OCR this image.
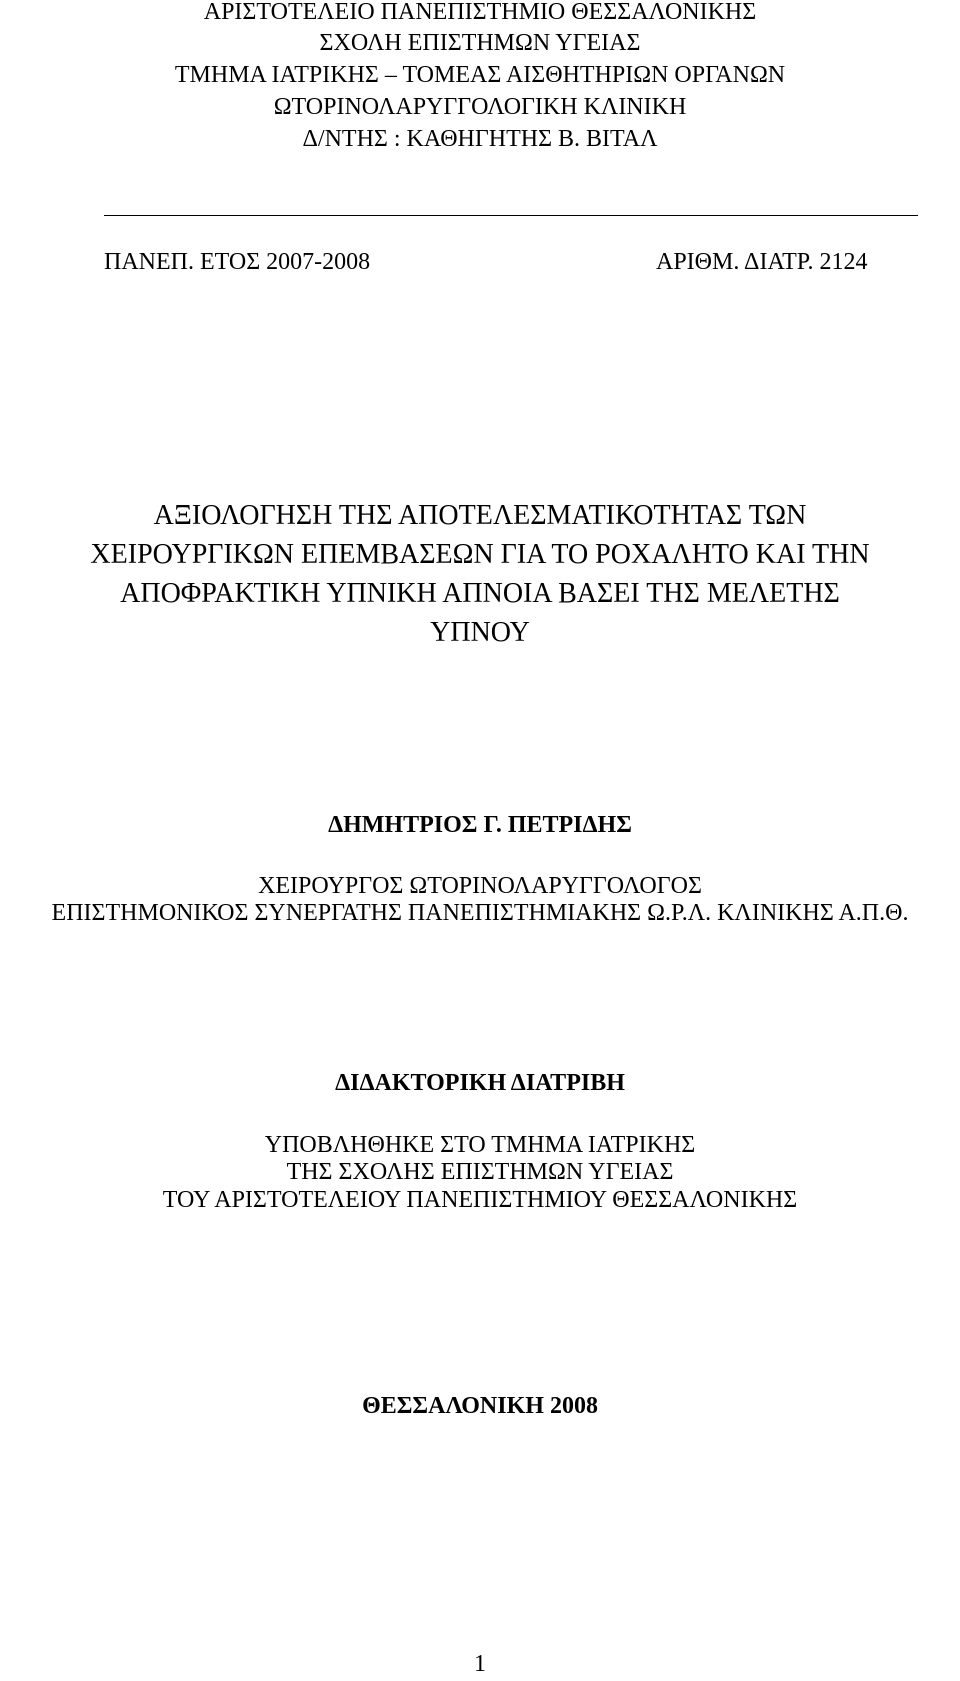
ΑΡΙΣΤΟΤΕΛΕΙΟ ΠΑΝΕΠΙΣΤΗΜΙΟ ΘΕΣΣΑΛΟΝΙΚΗΣ
ΣΧΟΛΗ ΕΠΙΣΤΗΜΩΝ ΥΓΕΙΑΣ
ΤΜΗΜΑ ΙΑΤΡΙΚΗΣ – ΤΟΜΕΑΣ ΑΙΣΘΗΤΗΡΙΩΝ ΟΡΓΑΝΩΝ
ΩΤΟΡΙΝΟΛΑΡΥΓΓΟΛΟΓΙΚΗ ΚΛΙΝΙΚΗ
Δ/ΝΤΗΣ : ΚΑΘΗΓΗΤΗΣ Β. ΒΙΤΑΛ
ΠΑΝΕΠ. ΕΤΟΣ 2007-2008	ΑΡΙΘΜ. ΔΙΑΤΡ. 2124
ΑΞΙΟΛΟΓΗΣΗ ΤΗΣ ΑΠΟΤΕΛΕΣΜΑΤΙΚΟΤΗΤΑΣ ΤΩΝ
ΧΕΙΡΟΥΡΓΙΚΩΝ ΕΠΕΜΒΑΣΕΩΝ ΓΙΑ ΤΟ ΡΟΧΑΛΗΤΟ ΚΑΙ ΤΗΝ
ΑΠΟΦΡΑΚΤΙΚΗ ΥΠΝΙΚΗ ΑΠΝΟΙΑ ΒΑΣΕΙ ΤΗΣ ΜΕΛΕΤΗΣ
ΥΠΝΟΥ
ΔΗΜΗΤΡΙΟΣ Γ. ΠΕΤΡΙΔΗΣ
ΧΕΙΡΟΥΡΓΟΣ ΩΤΟΡΙΝΟΛΑΡΥΓΓΟΛΟΓΟΣ
ΕΠΙΣΤΗΜΟΝΙΚΟΣ ΣΥΝΕΡΓΑΤΗΣ ΠΑΝΕΠΙΣΤΗΜΙΑΚΗΣ Ω.Ρ.Λ. ΚΛΙΝΙΚΗΣ Α.Π.Θ.
ΔΙΔΑΚΤΟΡΙΚΗ ΔΙΑΤΡΙΒΗ
ΥΠΟΒΛΗΘΗΚΕ ΣΤΟ ΤΜΗΜΑ ΙΑΤΡΙΚΗΣ
ΤΗΣ ΣΧΟΛΗΣ ΕΠΙΣΤΗΜΩΝ ΥΓΕΙΑΣ
ΤΟΥ ΑΡΙΣΤΟΤΕΛΕΙΟΥ ΠΑΝΕΠΙΣΤΗΜΙΟΥ ΘΕΣΣΑΛΟΝΙΚΗΣ
ΘΕΣΣΑΛΟΝΙΚΗ 2008
1
